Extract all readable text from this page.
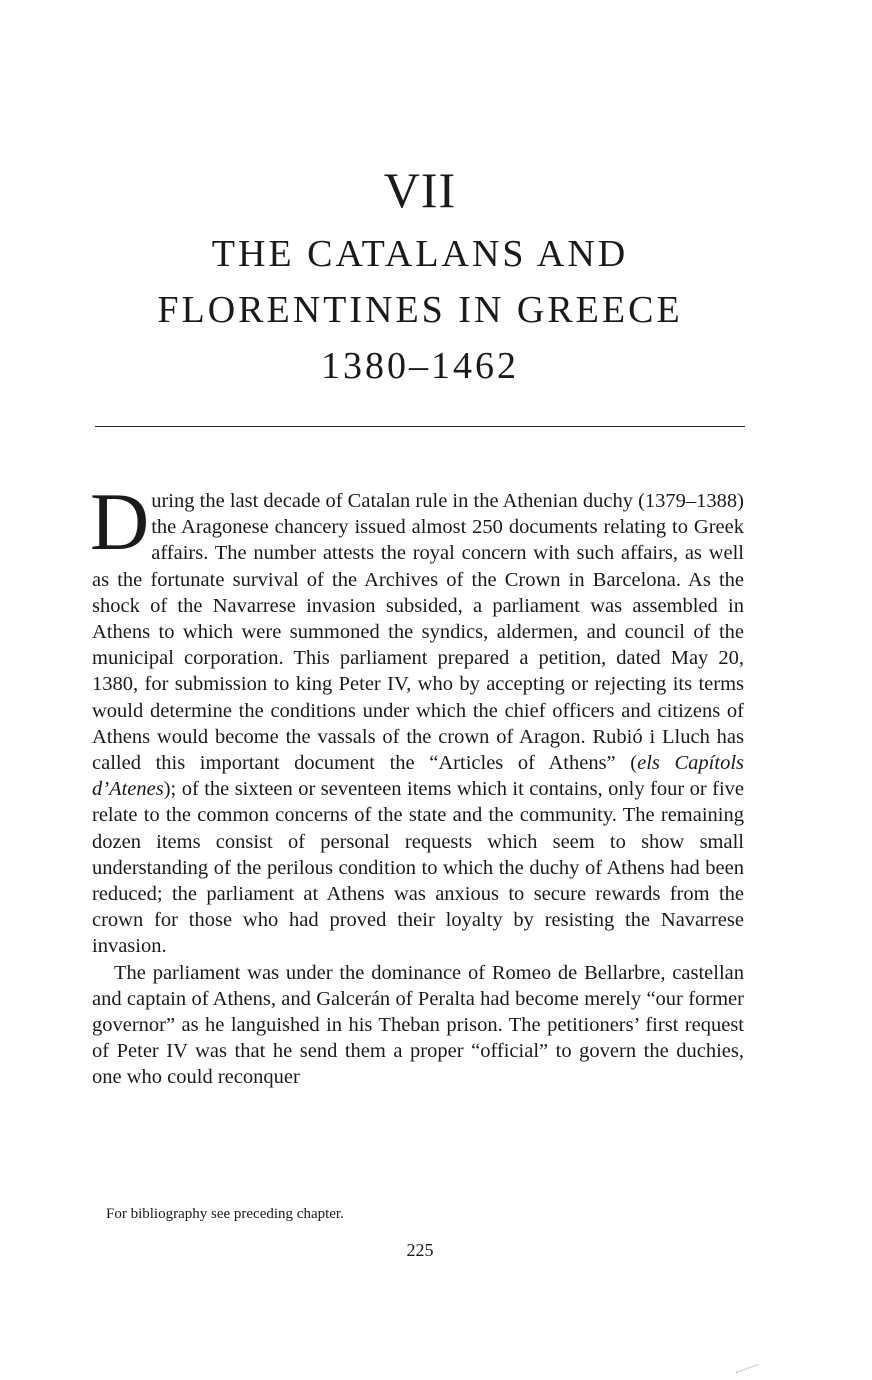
VII
THE CATALANS AND
FLORENTINES IN GREECE
1380–1462

During the last decade of Catalan rule in the Athenian duchy (1379–1388) the Aragonese chancery issued almost 250 documents relating to Greek affairs. The number attests the royal concern with such affairs, as well as the fortunate survival of the Archives of the Crown in Barcelona. As the shock of the Navarrese invasion subsided, a parliament was assembled in Athens to which were summoned the syndics, aldermen, and council of the municipal corporation. This parliament prepared a petition, dated May 20, 1380, for submission to king Peter IV, who by accepting or rejecting its terms would determine the conditions under which the chief officers and citizens of Athens would become the vassals of the crown of Aragon. Rubió i Lluch has called this important document the “Articles of Athens” (els Capítols d’Atenes); of the sixteen or seventeen items which it contains, only four or five relate to the common concerns of the state and the community. The remaining dozen items consist of personal requests which seem to show small understanding of the perilous condition to which the duchy of Athens had been reduced; the parliament at Athens was anxious to secure rewards from the crown for those who had proved their loyalty by resisting the Navarrese invasion.

The parliament was under the dominance of Romeo de Bellarbre, castellan and captain of Athens, and Galcerán of Peralta had become merely “our former governor” as he languished in his Theban prison. The petitioners’ first request of Peter IV was that he send them a proper “official” to govern the duchies, one who could reconquer

For bibliography see preceding chapter.
225
